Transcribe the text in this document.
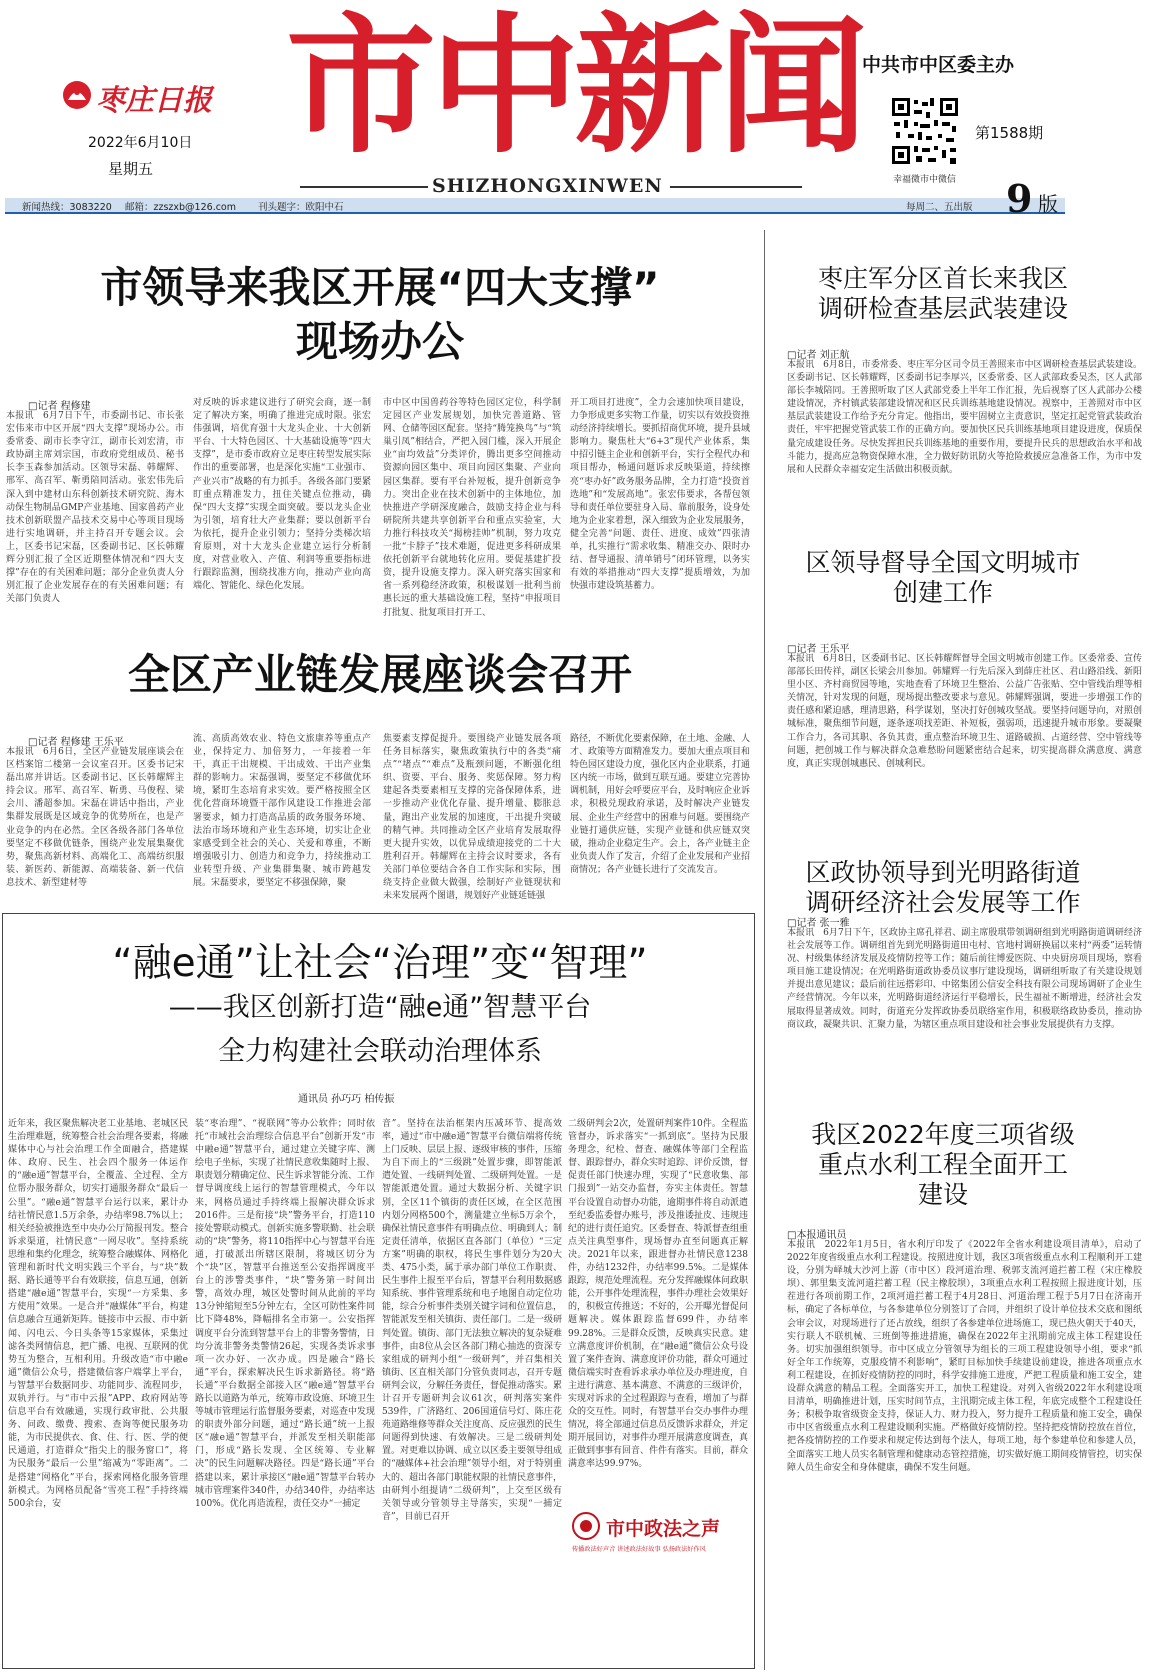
枣庄日报 市中新闻
SHIZHONGXINWEN
中共市中区委主办
2022年6月10日
星期五
幸福微市中微信
第1588期
新闻热线：3083220 邮箱：zzszxb@126.com 刊头题字：欧阳中石	每周二、五出版 9 版
市领导来我区开展“四大支撑”
现场办公
□记者 程修建
本报讯　6月7日下午，市委副书记、市长张宏伟来市中区开展“四大支撑”现场办公。市委常委、副市长李守江，副市长刘宏清，市政协副主席刘宗国，市政府党组成员、秘书长李玉森参加活动。区领导宋磊、韩耀辉、邢军、高召军、靳勇陪同活动。张宏伟先后深入到中建材山东科创新技术研究院、海木动保生物制品GMP产业基地、国家兽药产业技术创新联盟产品技术交易中心等项目现场进行实地调研，并主持召开专题会议。会上，区委书记宋磊，区委副书记、区长韩耀辉分别汇报了全区近期整体情况和“四大支撑”存在的有关困难问题；部分企业负责人分别汇报了企业发展存在的有关困难问题；有关部门负责人
对反映的诉求建议进行了研究会商，逐一制定了解决方案，明确了推进完成时限。张宏伟强调，培优育强十大龙头企业、十大创新平台、十大特色园区、十大基础设施等“四大支撑”，是市委市政府立足枣庄转型发展实际作出的重要部署，也是深化实施“工业强市、产业兴市”战略的有力抓手。各级各部门要紧盯重点精准发力，扭住关键点位推动，确保“四大支撑”实现全面突破。要以龙头企业为引领，培育壮大产业集群；要以创新平台为依托，提升企业引领力；坚持分类梯次培育原则，对十大龙头企业建立运行分析制度，对营业收入、产值、利润等重要指标进行跟踪监测，围绕找准方向，推动产业向高端化、智能化、绿色化发展。
市中区中国兽药谷等特色园区定位，科学制定园区产业发展规划，加快完善道路、管网、仓储等园区配套。坚持“腾笼换鸟”与“筑巢引凤”相结合，严把入园门槛，深入开展企业“亩均效益”分类评价，腾出更多空间推动资源向园区集中、项目向园区集聚、产业向园区集群。要有平台补短板，提升创新竞争力。突出企业在技术创新中的主体地位，加快推进产学研深度融合，鼓励支持企业与科研院所共建共享创新平台和重点实验室，大力推行科技攻关“揭榜挂帅”机制，努力攻克一批“卡脖子”技术难题，促进更多科研成果依托创新平台就地转化应用。要促基建扩投资，提升设施支撑力。深入研究落实国家和省一系列稳经济政策，积极谋划一批利当前惠长远的重大基础设施工程，坚持“申报项目打批复、批复项目打开工、
开工项目打进度”，全力会速加快项目建设，力争形成更多实物工作量，切实以有效投资推动经济持续增长。要抓招商优环境，提升县域影响力。聚焦杜大“6+3”现代产业体系，集中招引链主企业和创新平台，实行全程代办和项目帮办，畅通问题诉求反映渠道，持续擦亮“枣办好”政务服务品牌，全力打造“投资首选地”和“发展高地”。张宏伟要求，各帮包领导和责任单位要驻身入局、靠前服务，设身处地为企业家着想，深入细致为企业发展服务，健全完善“问题、责任、进度、成效”四张清单，扎实推行“需求收集、精准交办、限时办结、督导通报、清单销号”闭环管理，以务实有效的举措推动“四大支撑”提质增效，为加快强市建设筑基蓄力。
全区产业链发展座谈会召开
□记者 程修建 王乐平
本报讯　6月6日，全区产业链发展座谈会在区档案馆二楼第一会议室召开。区委书记宋磊出席并讲话。区委副书记、区长韩耀辉主持会议。邢军、高召军、靳勇、马俊程、梁会川、潘超参加。宋磊在讲话中指出，产业集群发展既是区域竞争的优势所在，也是产业竞争的内在必然。全区各级各部门各单位要坚定不移做优链条，围绕产业发展集聚优势，聚焦高新材料、高端化工、高端纺织服装、新医药、新能源、高端装备、新一代信息技术、新型建材等
流、高质高效农业、特色文旅康养等重点产业，保持定力、加倍努力，一年接着一年干，真正干出规模、干出成效、干出产业集群的影响力。宋磊强调，要坚定不移做优环境，紧盯生态培育求实效。要严格按照全区优化营商环境暨干部作风建设工作推进会部署要求，倾力打造高品质的政务服务环境、法治市场环境和产业生态环境，切实让企业家感受到全社会的关心、关爱和尊重，不断增强吸引力、创造力和竞争力，持续推动工业转型升级、产业集群集聚、城市跨越发展。宋磊要求，要坚定不移强保障，聚
焦要素支撑促提升。要围绕产业链发展各项任务目标落实，聚焦政策执行中的各类“痛点”“堵点”“难点”及瓶颈问题，不断强化组织、资要、平台、服务、奖惩保障。努力构建起各类要素相互支撑的完备保障体系，进一步推动产业优化存量、提升增量、膨胀总量，跑出产业发展的加速度，干出提升突破的精气神。共同推动全区产业培育发展取得更大提升实效，以优异成绩迎接党的二十大胜利召开。韩耀辉在主持会议时要求，各有关部门单位要结合各自工作实际和实际，围绕支持企业做大做强，绘制好产业链现状和未来发展两个图谱，规划好产业链延链强
路径，不断优化要素保障，在土地、金融、人才、政策等方面精准发力。要加大重点项目和特色园区建设力度，强化区内企业联系，打通区内统一市场，做到互联互通。要建立完善协调机制，用好会呼要应平台，及时响应企业诉求，积极兑现政府承诺，及时解决产业链发展、企业生产经营中的困难与问题。要围绕产业链打通供应链，实现产业链和供应链双突破，推动企业稳定生产。会上，各产业链主企业负责人作了发言，介绍了企业发展和产业招商情况；各产业链长进行了交流发言。
“融e通”让社会“治理”变“智理”
——我区创新打造“融e通”智慧平台
全力构建社会联动治理体系
通讯员 孙巧巧 柏传振
近年来，我区聚焦解决老工业基地、老城区民生治理难题，统筹整合社会治理各要素，将融媒体中心与社会治理工作全面融合，搭建媒体、政府、民生、社会四个服务一体运作的“融e通”智慧平台，全覆盖、全过程、全方位帮办服务群众，切实打通服务群众“最后一公里”。“融e通”智慧平台运行以来，累计办结社情民意1.5万余条，办结率98.7%以上；相关经验被推选至中央办公厅简报刊发。整合诉求渠道，社情民意“一网尽收”。坚持系统思维和集约化理念，统筹整合融媒体、网格化管理和新时代文明实践三个平台，与“块”数据、路长通等平台有效联接，信息互通，创新搭建“融e通”智慧平台，实现“一方采集、多方使用”效果。一是合并“融媒体”平台，构建信息融合互通新矩阵。链接市中云报、市中新闻、闪电云、今日头条等15家媒体，采集过滤各类网情信息，把广播、电视、互联网的优势互为整合，互相利用。升级改造“市中融e通”微信公众号，搭建微信客户端掌上平台，与智慧平台数据同步、功能同步、流程同步，双轨并行。与“市中云报”APP、政府网站等信息平台有效融通，实现行政审批、公共服务、问政、缴费、搜索、查询等便民服务功能，为市民提供衣、食、住、行、医、学的便民通道，打造群众“指尖上的服务窗口”，将为民服务“最后一公里”缩减为“零距离”。二是搭建“网格化”平台，探索网格化服务管理新模式。为网格员配备“雪亮工程”手持终端500余台，安
装“枣治理”、“视联网”等办公软件；同时依托“市域社会治理综合信息平台”创新开发“市中融e通”智慧平台，通过建立关键字库、测绘电子坐标，实现了社情民意收集随时上报、职责划分精确定位、民生诉求智能分流、工作督导调度线上运行的智慧管理模式，今年以来，网格员通过手持终端上报解决群众诉求2016件。三是衔接“块”警务平台，打造110接处警联动模式。创新实施多警联勤、社会联动的“块”警务，将110指挥中心与智慧平台连通，打破派出所辖区限制，将城区切分为个“块”区，智慧平台推送至公安指挥调度平台上的涉警类事件，“块”警务第一时间出警，高效办理，城区处警时间从此前的平均13分钟缩短至5分钟左右，全区可防性案件同比下降48%，降幅排名全市第一。公安指挥调度平台分流到智慧平台上的非警务警情，日均分流非警务类警情26起，实现各类诉求事项一次办好、一次办成。四是融合“路长通”平台，探索解决民生诉求新路径。将“路长通”平台数据全部接入区“融e通”智慧平台路长以道路为单元，统筹市政设施、环境卫生等城市管理运行监督服务要素，对巡查中发现的职责外部分问题，通过“路长通”统一上报区“融e通”智慧平台，并派发至相关职能部门，形成“路长发现、全区统筹、专业解决”的民生问题解决路径。四是“路长通”平台搭建以来，累计承接区“融e通”智慧平台转办城市管理案件340件，办结340件，办结率达100%。优化再造流程，责任交办“一捕定
音”。坚持在法治框架内压减环节、提高效率，通过“市中融e通”智慧平台微信端将传统上门反映、层层上报、逐级审核的事件，压缩为自下而上的“三级跳”处置步骤，即智能派遣处置、一线研判处置、二级研判处置。一是智能派遣处置。通过大数据分析、关键字识别，全区11个镇街的责任区域，在全区范围内划分网格500个，测量建立坐标5万余个，确保社情民意事件有明确点位、明确到人；制定责任清单，依据区直各部门（单位）“三定方案”明确的职权，将民生事件划分为20大类、475小类，属于承办部门单位工作职责、民生事件上报至平台后，智慧平台利用数据感知系统、事件管理系统和电子地图自动定位功能，综合分析事件类别关键字词和位置信息，智能派发至相关镇街、责任部门。二是一级研判处置。镇街、部门无法独立解决的复杂疑难事件，由8位从会区各部门精心抽选的资深专家组成的研判小组“一级研判”，并召集相关镇街、区直相关部门分管负责同志，召开专题研判会议，分解任务责任，督促推动落实。累计召开专题研判会议61次，研判落实案件539件，广济路红、206国道信号灯、陈庄花苑道路维修等群众关注度高、反应强烈的民生问题得到快速、有效解决。三是二级研判处置。对更难以协调、成立以区委主要领导组成的“融媒体+社会治理”领导小组，对于特别重大的、超出各部门职能权限的社情民意事件，由研判小组提请“二级研判”，上交至区级有关领导或分管领导主导落实，实现“一捕定音”，目前已召开
二级研判会2次，处置研判案件10件。全程监管督办，诉求落实“一抓到底”。坚持为民服务理念，纪检、督查、融媒体等部门全程监督、跟踪督办，群众实时追踪、评价反馈，督促责任部门快速办理，实现了“民意收集、部门报到”一站交办监督，夯实主体责任。智慧平台设置自动督办功能，逾期事件将自动派遣至纪委监委督办账号，涉及推诿扯皮、违规违纪的进行责任追究。区委督查、特派督查组重点关注典型事件，现场督办直至问题真正解决。2021年以来，跟进督办社情民意1238件，办结1232件，办结率99.5%。二是媒体跟踪，规范处理流程。充分发挥融媒体问政职能，公开事件处理流程，事件办理社会效果好的，积极宣传推送；不好的，公开曝光督促问题解决。媒体跟踪监督699件，办结率99.28%。三是群众反馈，反映真实民意。建立满意度评价机制，在“融e通”微信公众号设置了案件查询、满意度评价功能，群众可通过微信端实时查看诉求承办单位及办理进度，自主进行满意、基本满意、不满意的三级评价，实现对诉求的全过程跟踪与查看，增加了与群众的交互性。同时，有智慧平台交办事件办理情况，将全部通过信息员反馈诉求群众，并定期开展回访，对事件办理开展满意度调查，真正做到事事有回音、件件有落实。目前，群众满意率达99.97%。
市中政法之声
传播政法好声音 讲述政法好故事 弘扬政法好作风
枣庄军分区首长来我区
调研检查基层武装建设
□记者 刘正航
本报讯　6月8日，市委常委、枣庄军分区司令员王善照来市中区调研检查基层武装建设。区委副书记、区长韩耀辉，区委副书记李厚兴，区委常委、区人武部政委吴杰，区人武部部长李城陪同。王善照听取了区人武部党委上半年工作汇报，先后视察了区人武部办公楼建设情况，齐村镇武装部建设情况和区民兵训练基地建设情况。视察中，王善照对市中区基层武装建设工作给予充分肯定。他指出，要牢固树立主责意识，坚定扛起党管武装政治责任，牢牢把握党管武装工作的正确方向。要加快区民兵训练基地项目建设进度，保质保量完成建设任务。尽快发挥担民兵训练基地的重要作用，要提升民兵的思想政治水平和战斗能力，提高应急物资保障水准，全力做好防讯防火等抢险救援应急准备工作，为市中发展和人民群众幸福安定生活做出积极贡献。
区领导督导全国文明城市
创建工作
□记者 王乐平
本报讯　6月8日，区委副书记、区长韩耀辉督导全国文明城市创建工作。区委常委、宣传部部长田传祥，副区长梁会川参加。韩耀辉一行先后深入到薛庄社区、君山路沿线、新阳里小区、齐村商贸园等地，实地查看了环境卫生整治、公益广告张贴、空中管线治理等相关情况，针对发现的问题，现场提出整改要求与意见。韩耀辉强调，要进一步增强工作的责任感和紧迫感，理清思路，科学谋划，坚决打好创城攻坚战。要坚持问题导向，对照创城标准，聚焦细节问题，逐条逐项找差距、补短板，强弱项，迅速提升城市形象。要凝聚工作合力，各司其职、各负其责，重点整治环境卫生、道路破损、占道经营、空中管线等问题，把创城工作与解决群众急难愁盼问题紧密结合起来，切实提高群众满意度、满意度，真正实现创城惠民、创城利民。
区政协领导到光明路街道
调研经济社会发展等工作
□记者 张一雅
本报讯　6月7日下午，区政协主席孔祥君、副主席殷琪带领调研组到光明路街道调研经济社会发展等工作。调研组首先到光明路街道田屯村、官地村调研换届以来村“两委”运转情况、村级集体经济发展及疫情防控等工作；随后前往博爱医院、中央厨房项目现场，察看项目施工建设情况；在光明路街道政协委员议事厅建设现场，调研组听取了有关建设规划并提出意见建议；最后前往远搭彩印、中铭集团公信安全科技有限公司现场调研了企业生产经营情况。今年以来，光明路街道经济运行平稳增长，民生福祉不断增进，经济社会发展取得显著成效。同时，街道充分发挥政协委员联络室作用，积极联络政协委员，推动协商议政，凝聚共识、汇聚力量，为辖区重点项目建设和社会事业发展提供有力支撑。
我区2022年度三项省级
重点水利工程全面开工
建设
□本报通讯员
本报讯　2022年1月5日，省水利厅印发了《2022年全省水利建设项目清单》，启动了2022年度省级重点水利工程建设。按照进度计划，我区3项省级重点水利工程顺利开工建设，分别为峄城大沙河上游（市中区）段河道治理、税郭支流河道拦蓄工程（宋庄橡胶坝）、郭里集支流河道拦蓄工程（民主橡胶坝），3项重点水利工程按照上报进度计划，压茬进行各项前期工作，2项河道拦蓄工程于4月28日、河道治理工程于5月7日在济南开标，确定了各标单位，与各参建单位分别签订了合同，并组织了设计单位技术交底和图纸会审会议，对现场进行了还占放线，组织了各参建单位进场施工，现已热火朝天于40天，实行联人不联机械、三班倒等推进措施，确保在2022年主汛期前完成主体工程建设任务。切实加强组织领导。市中区成立分管领导为组长的三项工程建设领导小组，要求“抓好全年工作统筹，克服疫情不利影响”，紧盯目标加快手续建设前建设，推进各项重点水利工程建设，在抓好疫情防控的同时，科学安排施工进度，严把工程质量和施工安全，建设群众满意的精品工程。全面落实开工，加快工程建设。对列入省级2022年水利建设项目清单，明确推进计划，压实时间节点，主汛期完成主体工程，年底完成整个工程建设任务；积极争取省级资金支持，保证人力、财力投入，努力提升工程质量和施工安全，确保市中区省级重点水利工程建设顺利实施。严格做好疫情防控。坚持把疫情防控放在首位，把各疫情防控的工作要求和规定传达到每个法人，每项工地，每个参建单位和参建人员，全面落实工地人员实名制管理和健康动态管控措施，切实做好施工期间疫情管控，切实保障人员生命安全和身体健康，确保不发生问题。
